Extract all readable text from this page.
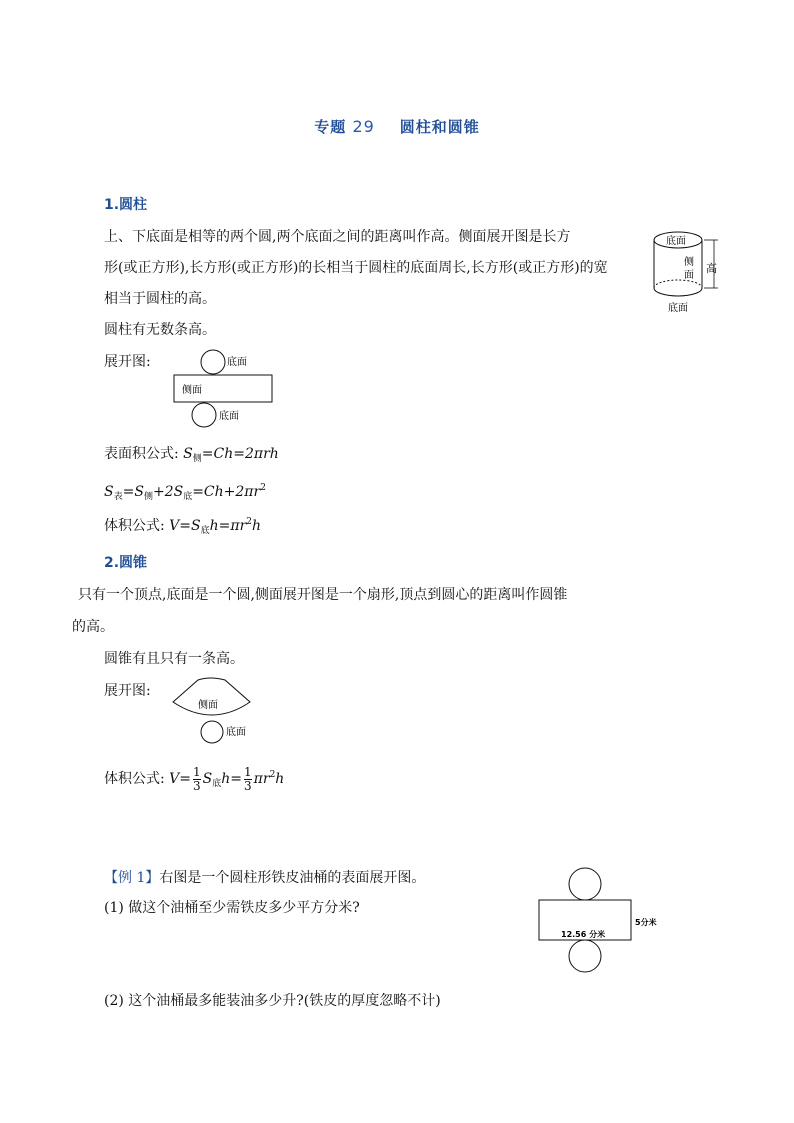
专题 29 圆柱和圆锥
1.圆柱
上、下底面是相等的两个圆,两个底面之间的距离叫作高。侧面展开图是长方
形(或正方形),长方形(或正方形)的长相当于圆柱的底面周长,长方形(或正方形)的宽
相当于圆柱的高。
底面
侧
面
高
底面
圆柱有无数条高。
展开图:	底面
侧面
底面
表面积公式: $S_侧=Ch=2\pi rh$
$S_表=S_侧+2S_底=Ch+2\pi r^2$
体积公式: $V=S_底h=\pi r^2h$
2.圆锥
只有一个顶点,底面是一个圆,侧面展开图是一个扇形,顶点到圆心的距离叫作圆锥
的高。
圆锥有且只有一条高。
展开图:
侧面
底面
体积公式: $V= \frac{1}{3} S_底h= \frac{1}{3} \pi r^2h$
【例 1】右图是一个圆柱形铁皮油桶的表面展开图。
(1) 做这个油桶至少需铁皮多少平方分米?
12.56 分米
5分米
(2) 这个油桶最多能装油多少升?(铁皮的厚度忽略不计)
